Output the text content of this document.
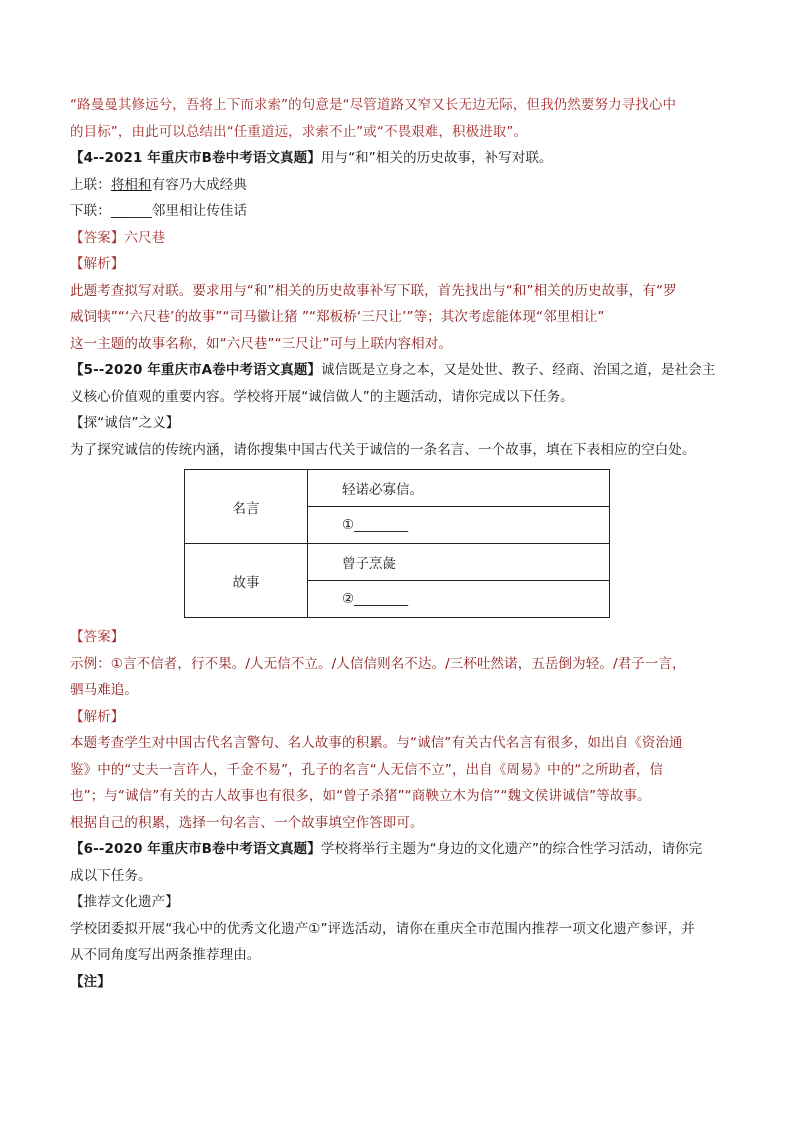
“路曼曼其修远兮，吾将上下而求索”的句意是“尽管道路又窄又长无边无际，但我仍然要努力寻找心中
的目标”，由此可以总结出“任重道远，求索不止”或“不畏艰难，积极进取”。
【4--2021 年重庆市B卷中考语文真题】用与“和”相关的历史故事，补写对联。
上联：将相和有容乃大成经典
下联：______邻里相让传佳话
【答案】六尺巷
【解析】
此题考查拟写对联。要求用与“和”相关的历史故事补写下联，首先找出与“和”相关的历史故事，有“罗
威饲犊”“‘六尺巷’的故事”“司马徽让猪 ”“郑板桥‘三尺让’”等；其次考虑能体现“邻里相让”
这一主题的故事名称，如“六尺巷”“三尺让”可与上联内容相对。
【5--2020 年重庆市A卷中考语文真题】诚信既是立身之本，又是处世、教子、经商、治国之道，是社会主
义核心价值观的重要内容。学校将开展“诚信做人”的主题活动，请你完成以下任务。
【探“诚信”之义】
为了探究诚信的传统内涵，请你搜集中国古代关于诚信的一条名言、一个故事，填在下表相应的空白处。
名言	轻诺必寡信。
	①________
故事	曾子烹彘
	②________
【答案】
示例：①言不信者，行不果。/人无信不立。/人信信则名不达。/三杯吐然诺，五岳倒为轻。/君子一言，
驷马难追。
【解析】
本题考查学生对中国古代名言警句、名人故事的积累。与“诚信”有关古代名言有很多，如出自《资治通
鉴》中的“丈夫一言许人，千金不易”，孔子的名言“人无信不立”，出自《周易》中的“之所助者，信
也”；与“诚信”有关的古人故事也有很多，如“曾子杀猪”“商鞅立木为信”“魏文侯讲诚信”等故事。
根据自己的积累，选择一句名言、一个故事填空作答即可。
【6--2020 年重庆市B卷中考语文真题】学校将举行主题为“身边的文化遗产”的综合性学习活动，请你完
成以下任务。
【推荐文化遗产】
学校团委拟开展“我心中的优秀文化遗产①”评选活动，请你在重庆全市范围内推荐一项文化遗产参评，并
从不同角度写出两条推荐理由。
【注】
